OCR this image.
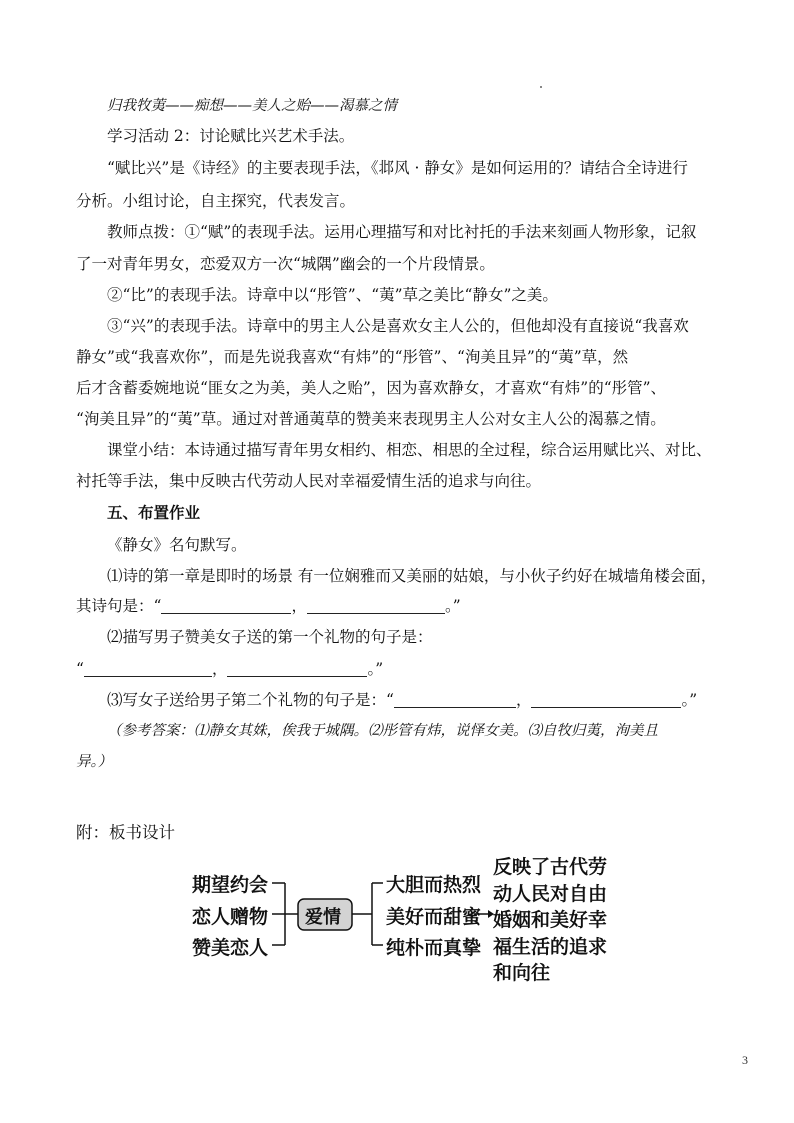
归我牧荑——痴想——美人之贻——渴慕之情
学习活动 2：讨论赋比兴艺术手法。
“赋比兴”是《诗经》的主要表现手法，《邶风 · 静女》是如何运用的？请结合全诗进行
分析。小组讨论，自主探究，代表发言。
教师点拨：①“赋”的表现手法。运用心理描写和对比衬托的手法来刻画人物形象，记叙
了一对青年男女，恋爱双方一次“城隅”幽会的一个片段情景。
②“比”的表现手法。诗章中以“彤管”、“荑”草之美比“静女”之美。
③“兴”的表现手法。诗章中的男主人公是喜欢女主人公的，但他却没有直接说“我喜欢
静女”或“我喜欢你”，而是先说我喜欢“有炜”的“彤管”、“洵美且异”的“荑”草，然
后才含蓄委婉地说“匪女之为美，美人之贻”，因为喜欢静女，才喜欢“有炜”的“彤管”、
“洵美且异”的“荑”草。通过对普通荑草的赞美来表现男主人公对女主人公的渴慕之情。
课堂小结：本诗通过描写青年男女相约、相恋、相思的全过程，综合运用赋比兴、对比、
衬托等手法，集中反映古代劳动人民对幸福爱情生活的追求与向往。
五、布置作业
《静女》名句默写。
⑴诗的第一章是即时的场景 有一位娴雅而又美丽的姑娘，与小伙子约好在城墙角楼会面，
其诗句是：“	，	。”
⑵描写男子赞美女子送的第一个礼物的句子是：
“	，	。”
⑶写女子送给男子第二个礼物的句子是：“	，	。”
（参考答案：⑴静女其姝，俟我于城隅。⑵彤管有炜，说怿女美。⑶自牧归荑，洵美且
异。）
附：板书设计
期望约会
恋人赠物
赞美恋人
爱情
大胆而热烈
美好而甜蜜
纯朴而真挚
反映了古代劳
动人民对自由
婚姻和美好幸
福生活的追求
和向往
3
